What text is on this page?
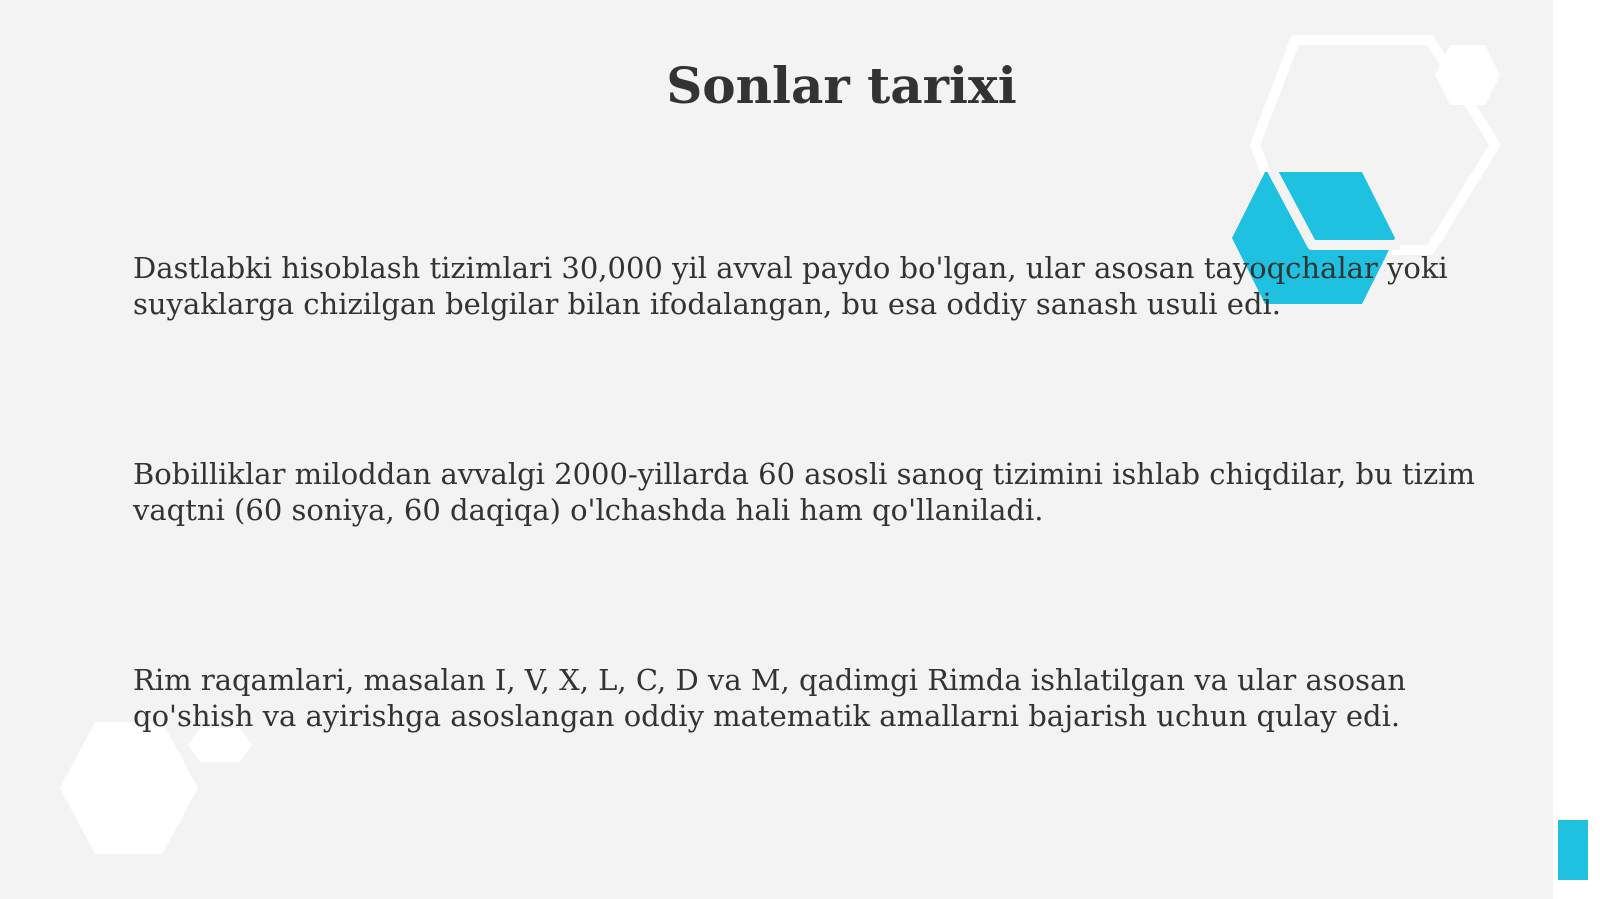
Sonlar tarixi

Dastlabki hisoblash tizimlari 30,000 yil avval paydo bo'lgan, ular asosan tayoqchalar yoki suyaklarga chizilgan belgilar bilan ifodalangan, bu esa oddiy sanash usuli edi.

Bobilliklar miloddan avvalgi 2000-yillarda 60 asosli sanoq tizimini ishlab chiqdilar, bu tizim vaqtni (60 soniya, 60 daqiqa) o'lchashda hali ham qo'llaniladi.

Rim raqamlari, masalan I, V, X, L, C, D va M, qadimgi Rimda ishlatilgan va ular asosan qo'shish va ayirishga asoslangan oddiy matematik amallarni bajarish uchun qulay edi.
